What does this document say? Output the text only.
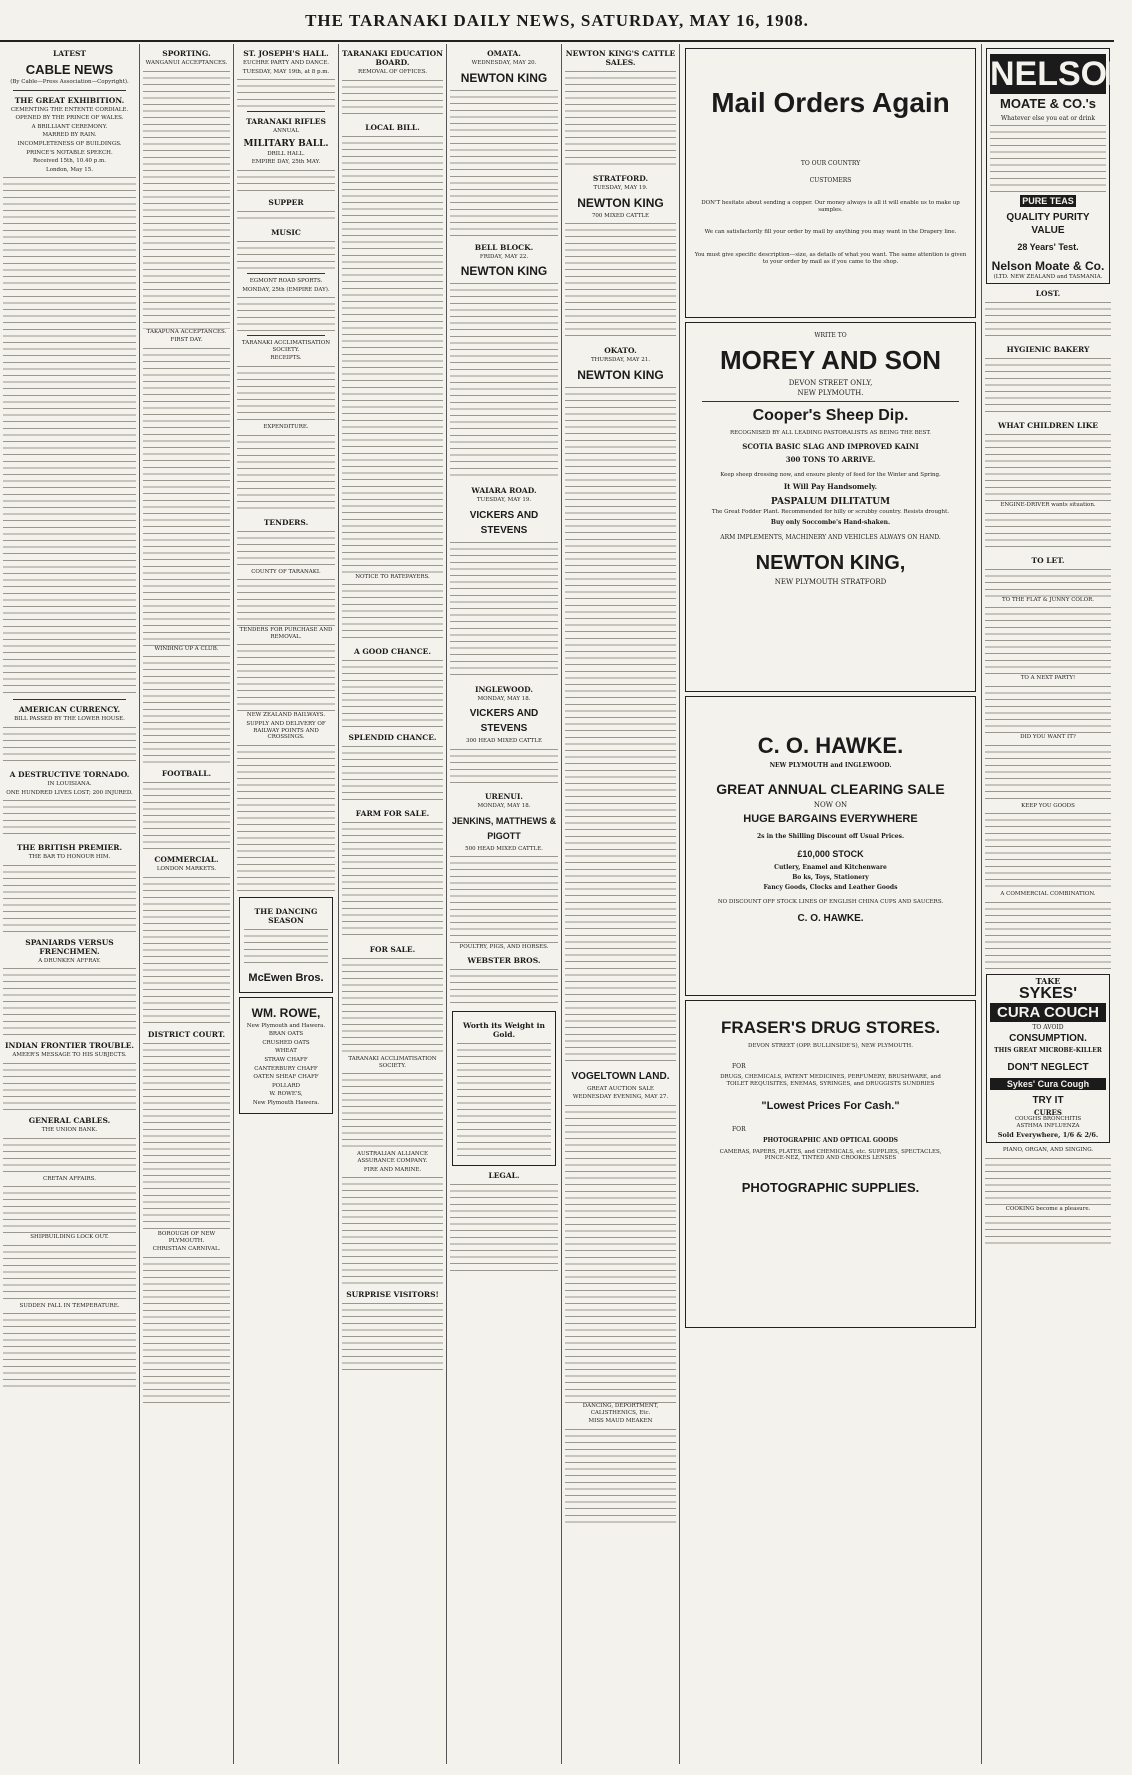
THE TARANAKI DAILY NEWS, SATURDAY, MAY 16, 1908.
LATEST
CABLE NEWS
(By Cable—Press Association—Copyright).
THE GREAT EXHIBITION.
CEMENTING THE ENTENTE CORDIALE.
OPENED BY THE PRINCE OF WALES.
A BRILLIANT CEREMONY.
MARRED BY RAIN.
INCOMPLETENESS OF BUILDINGS.
PRINCE'S NOTABLE SPEECH.
Received 15th, 10.40 p.m.
London, May 15.
AMERICAN CURRENCY.
BILL PASSED BY THE LOWER HOUSE.
A DESTRUCTIVE TORNADO.
IN LOUISIANA.
ONE HUNDRED LIVES LOST; 200 INJURED.
THE BRITISH PREMIER.
THE BAR TO HONOUR HIM.
SPANIARDS VERSUS FRENCHMEN.
A DRUNKEN AFFRAY.
INDIAN FRONTIER TROUBLE.
AMEER'S MESSAGE TO HIS SUBJECTS.
GENERAL CABLES.
THE UNION BANK.
CRETAN AFFAIRS.
SHIPBUILDING LOCK OUT.
SUDDEN FALL IN TEMPERATURE.
SPORTING.
WANGANUI ACCEPTANCES.
TAKAPUNA ACCEPTANCES.
FIRST DAY.
WINDING UP A CLUB.
FOOTBALL.
COMMERCIAL.
LONDON MARKETS.
DISTRICT COURT.
BOROUGH OF NEW PLYMOUTH.
CHRISTIAN CARNIVAL.
ST. JOSEPH'S HALL.
EUCHRE PARTY AND DANCE.
TUESDAY, MAY 19th, at 8 p.m.
TARANAKI RIFLES
ANNUAL
MILITARY BALL.
DRILL HALL.
EMPIRE DAY, 25th MAY.
SUPPER
MUSIC
EGMONT ROAD SPORTS.
MONDAY, 25th (EMPIRE DAY).
TARANAKI ACCLIMATISATION SOCIETY.
RECEIPTS.
EXPENDITURE.
TENDERS.
COUNTY OF TARANAKI.
TENDERS FOR PURCHASE AND REMOVAL.
NEW ZEALAND RAILWAYS.
SUPPLY AND DELIVERY OF RAILWAY POINTS AND CROSSINGS.
THE DANCING SEASON
McEwen Bros.
WM. ROWE,
New Plymouth and Hawera.
BRAN OATS
CRUSHED OATS
WHEAT
STRAW CHAFF
CANTERBURY CHAFF
OATEN SHEAF CHAFF
POLLARD
W. ROWE'S,
New Plymouth Hawera.
TARANAKI EDUCATION BOARD.
REMOVAL OF OFFICES.
LOCAL BILL.
NOTICE TO RATEPAYERS.
A GOOD CHANCE.
SPLENDID CHANCE.
FARM FOR SALE.
FOR SALE.
TARANAKI ACCLIMATISATION SOCIETY.
AUSTRALIAN ALLIANCE ASSURANCE COMPANY.
FIRE AND MARINE.
SURPRISE VISITORS!
OMATA.
WEDNESDAY, MAY 20.
NEWTON KING
BELL BLOCK.
FRIDAY, MAY 22.
NEWTON KING
WAIARA ROAD.
TUESDAY, MAY 19.
VICKERS AND STEVENS
INGLEWOOD.
MONDAY, MAY 18.
VICKERS AND STEVENS
300 HEAD MIXED CATTLE
URENUI.
MONDAY, MAY 18.
JENKINS, MATTHEWS & PIGOTT
500 HEAD MIXED CATTLE.
POULTRY, PIGS, AND HORSES.
WEBSTER BROS.
Worth its Weight in Gold.
LEGAL.
NEWTON KING'S CATTLE SALES.
STRATFORD.
TUESDAY, MAY 19.
NEWTON KING
700 MIXED CATTLE
OKATO.
THURSDAY, MAY 21.
NEWTON KING
VOGELTOWN LAND.
GREAT AUCTION SALE
WEDNESDAY EVENING, MAY 27.
DANCING, DEPORTMENT, CALISTHENICS, Etc.
MISS MAUD MEAKEN
Mail Orders Again
TO OUR COUNTRY
CUSTOMERS
DON'T hesitate about sending a copper. Our money always is all it will enable us to make up samples.
We can satisfactorily fill your order by mail by anything you may want in the Drapery line.
You must give specific description—size, as details of what you want. The same attention is given to your order by mail as if you came to the shop.
WRITE TO
MOREY AND SON
DEVON STREET ONLY,
NEW PLYMOUTH.
Cooper's Sheep Dip.
RECOGNISED BY ALL LEADING PASTORALISTS AS BEING THE BEST.
SCOTIA BASIC SLAG AND IMPROVED KAINI
300 TONS TO ARRIVE.
Keep sheep dressing now, and ensure plenty of feed for the Winter and Spring.
It Will Pay Handsomely.
PASPALUM DILITATUM
The Great Fodder Plant. Recommended for hilly or scrubby country. Resists drought.
Buy only Soccombe's Hand-shaken.
ARM IMPLEMENTS, MACHINERY AND VEHICLES ALWAYS ON HAND.
NEWTON KING,
NEW PLYMOUTH STRATFORD
C. O. HAWKE.
NEW PLYMOUTH and INGLEWOOD.
GREAT ANNUAL CLEARING SALE
NOW ON
HUGE BARGAINS EVERYWHERE
2s in the Shilling Discount off Usual Prices.
£10,000 STOCK
Cutlery, Enamel and Kitchenware
Bo ks, Toys, Stationery
Fancy Goods, Clocks and Leather Goods
NO DISCOUNT OFF STOCK LINES OF ENGLISH CHINA CUPS AND SAUCERS.
C. O. HAWKE.
FRASER'S DRUG STORES.
DEVON STREET (OPP. BULLINSIDE'S), NEW PLYMOUTH.
FOR
DRUGS, CHEMICALS, PATENT MEDICINES, PERFUMERY, BRUSHWARE, and TOILET REQUISITES, ENEMAS, SYRINGES, and DRUGGISTS SUNDRIES
"Lowest Prices For Cash."
FOR
PHOTOGRAPHIC AND OPTICAL GOODS
CAMERAS, PAPERS, PLATES, and CHEMICALS, etc. SUPPLIES, SPECTACLES, PINCE-NEZ, TINTED AND CROOKES LENSES
PHOTOGRAPHIC SUPPLIES.
NELSON
MOATE & CO.'s
Whatever else you eat or drink
PURE TEAS
QUALITY PURITY VALUE
28 Years' Test.
Nelson Moate & Co.
(LTD. NEW ZEALAND and TASMANIA.
LOST.
HYGIENIC BAKERY
WHAT CHILDREN LIKE
ENGINE-DRIVER wants situation.
TO LET.
TO THE FLAT & JUNNY COLOR.
TO A NEXT PARTY!
DID YOU WANT IT?
KEEP YOU GOODS
A COMMERCIAL COMBINATION.
TAKE
SYKES'
CURA COUCH
TO AVOID
CONSUMPTION.
THIS GREAT MICROBE-KILLER
DON'T NEGLECT
Sykes' Cura Cough
TRY IT
CURES
COUGHS BRONCHITIS
ASTHMA INFLUENZA
Sold Everywhere, 1/6 & 2/6.
PIANO, ORGAN, AND SINGING.
COOKING become a pleasure.
